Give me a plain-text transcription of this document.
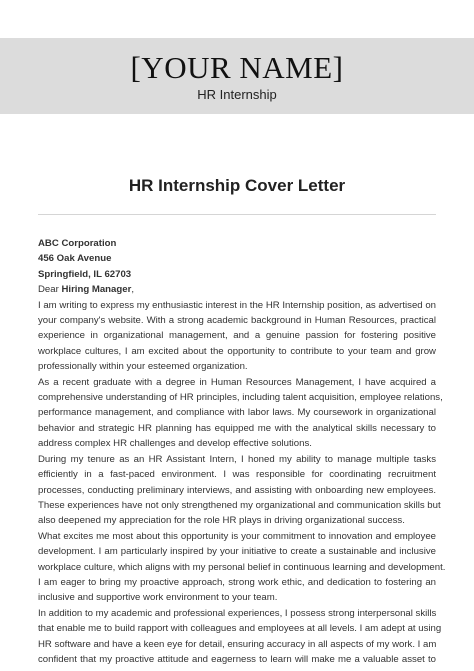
[YOUR NAME]
HR Internship
HR Internship Cover Letter
ABC Corporation
456 Oak Avenue
Springfield, IL 62703
Dear Hiring Manager,
I am writing to express my enthusiastic interest in the HR Internship position, as advertised on
your company's website. With a strong academic background in Human Resources, practical
experience in organizational management, and a genuine passion for fostering positive
workplace cultures, I am excited about the opportunity to contribute to your team and grow
professionally within your esteemed organization.
As a recent graduate with a degree in Human Resources Management, I have acquired a
comprehensive understanding of HR principles, including talent acquisition, employee relations,
performance management, and compliance with labor laws. My coursework in organizational
behavior and strategic HR planning has equipped me with the analytical skills necessary to
address complex HR challenges and develop effective solutions.
During my tenure as an HR Assistant Intern, I honed my ability to manage multiple tasks
efficiently in a fast-paced environment. I was responsible for coordinating recruitment
processes, conducting preliminary interviews, and assisting with onboarding new employees.
These experiences have not only strengthened my organizational and communication skills but
also deepened my appreciation for the role HR plays in driving organizational success.
What excites me most about this opportunity is your commitment to innovation and employee
development. I am particularly inspired by your initiative to create a sustainable and inclusive
workplace culture, which aligns with my personal belief in continuous learning and development.
I am eager to bring my proactive approach, strong work ethic, and dedication to fostering an
inclusive and supportive work environment to your team.
In addition to my academic and professional experiences, I possess strong interpersonal skills
that enable me to build rapport with colleagues and employees at all levels. I am adept at using
HR software and have a keen eye for detail, ensuring accuracy in all aspects of my work. I am
confident that my proactive attitude and eagerness to learn will make me a valuable asset to
